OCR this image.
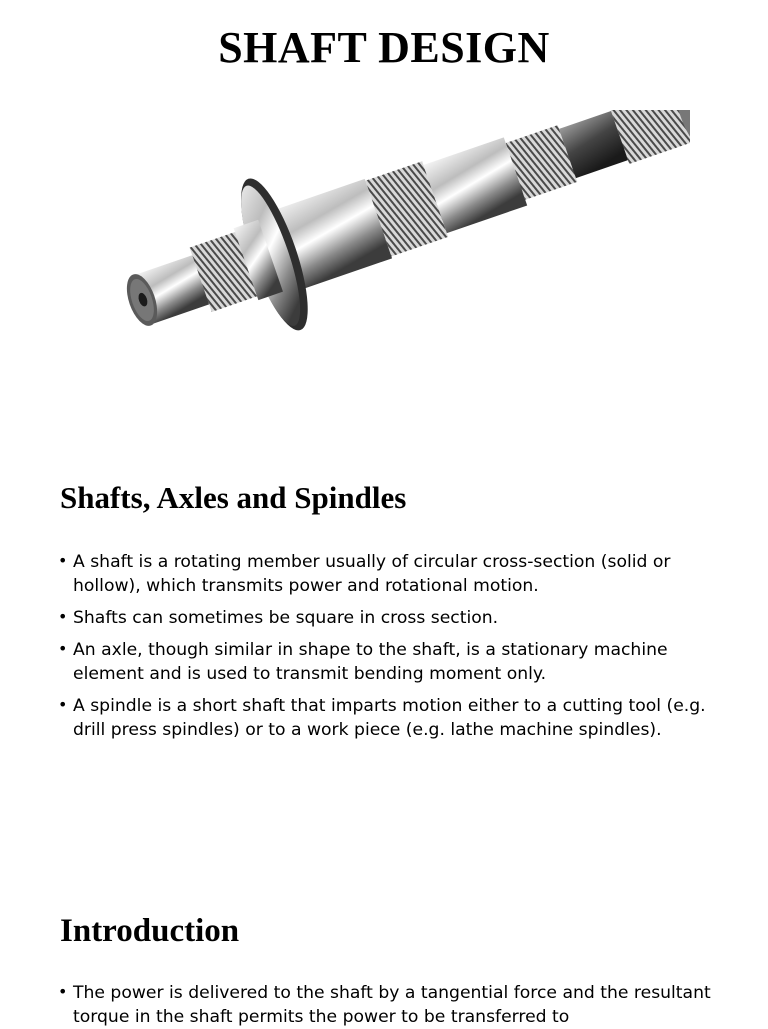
SHAFT DESIGN
Shafts, Axles and Spindles
• A shaft is a rotating member usually of circular cross-section (solid or hollow), which transmits power and rotational motion.
• Shafts can sometimes be square in cross section.
• An axle, though similar in shape to the shaft, is a stationary machine element and is used to transmit bending moment only.
• A spindle is a short shaft that imparts motion either to a cutting tool (e.g. drill press spindles) or to a work piece (e.g. lathe machine spindles).
Introduction
• The power is delivered to the shaft by a tangential force and the resultant torque in the shaft permits the power to be transferred to
